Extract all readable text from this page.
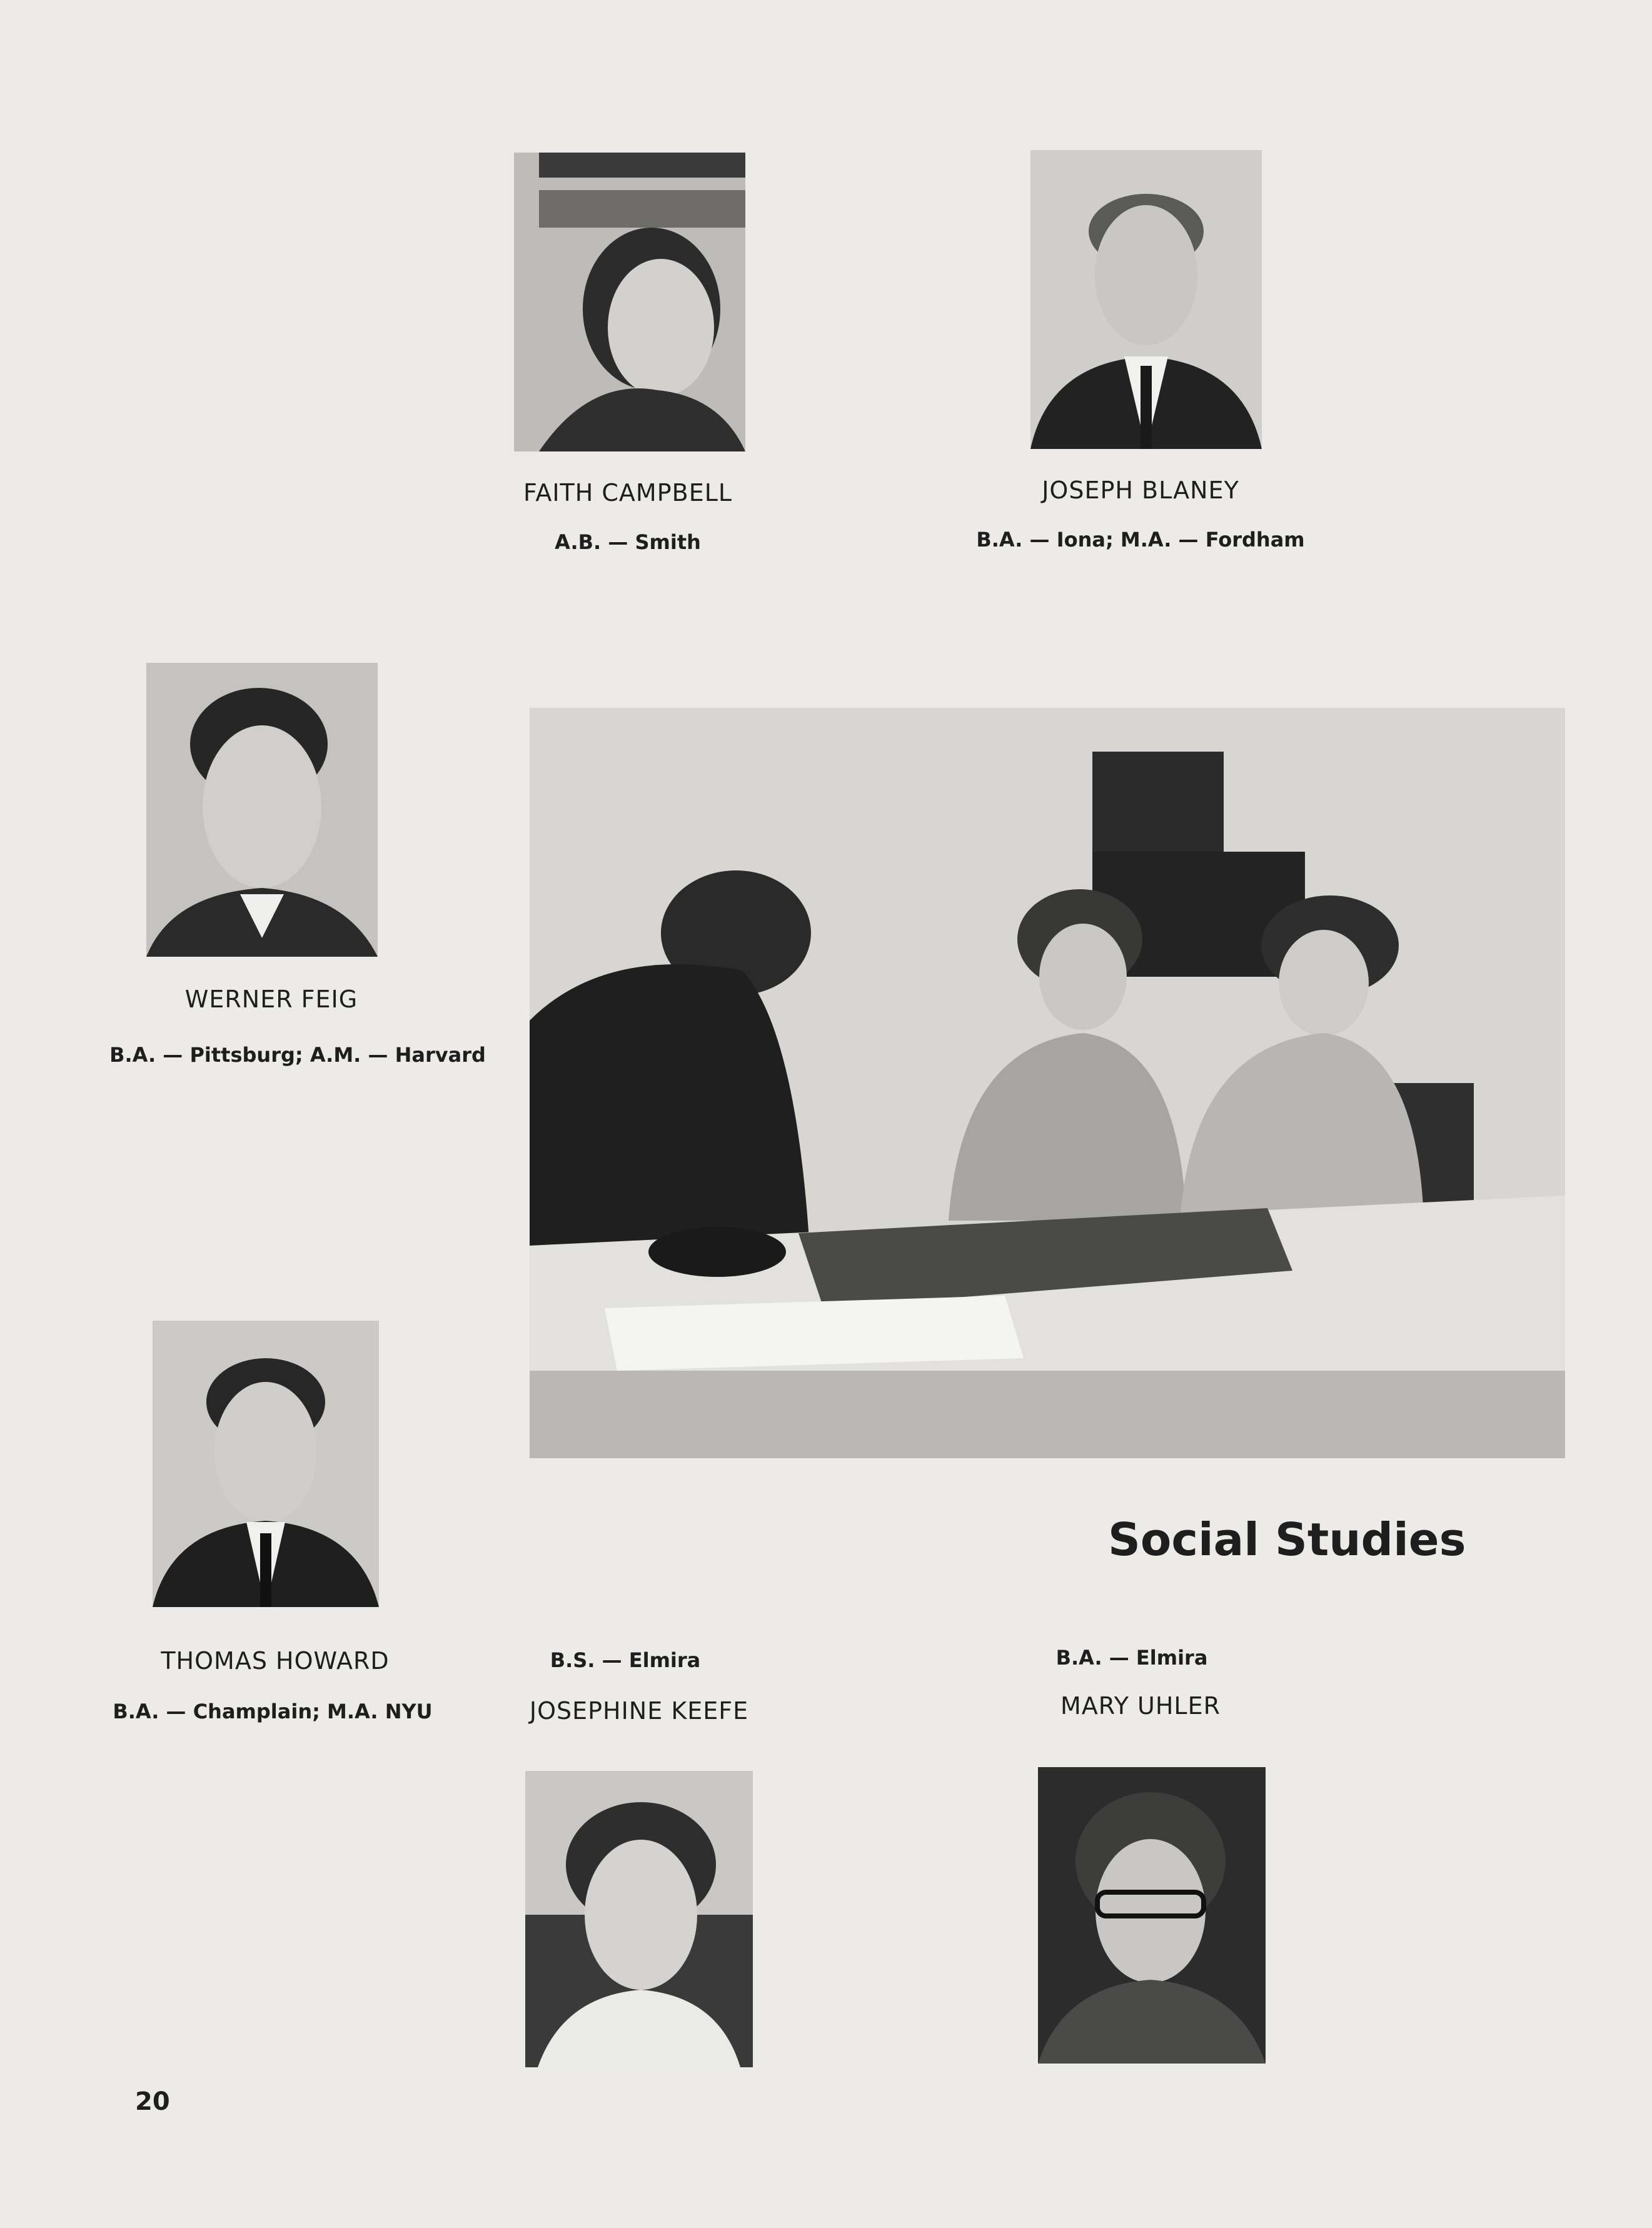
FAITH CAMPBELL

A.B. — Smith

JOSEPH BLANEY

B.A. — Iona; M.A. — Fordham

WERNER FEIG

B.A. — Pittsburg; A.M. — Harvard

Social Studies

THOMAS HOWARD

B.A. — Champlain; M.A. NYU

B.S. — Elmira

JOSEPHINE KEEFE

B.A. — Elmira

MARY UHLER

20
